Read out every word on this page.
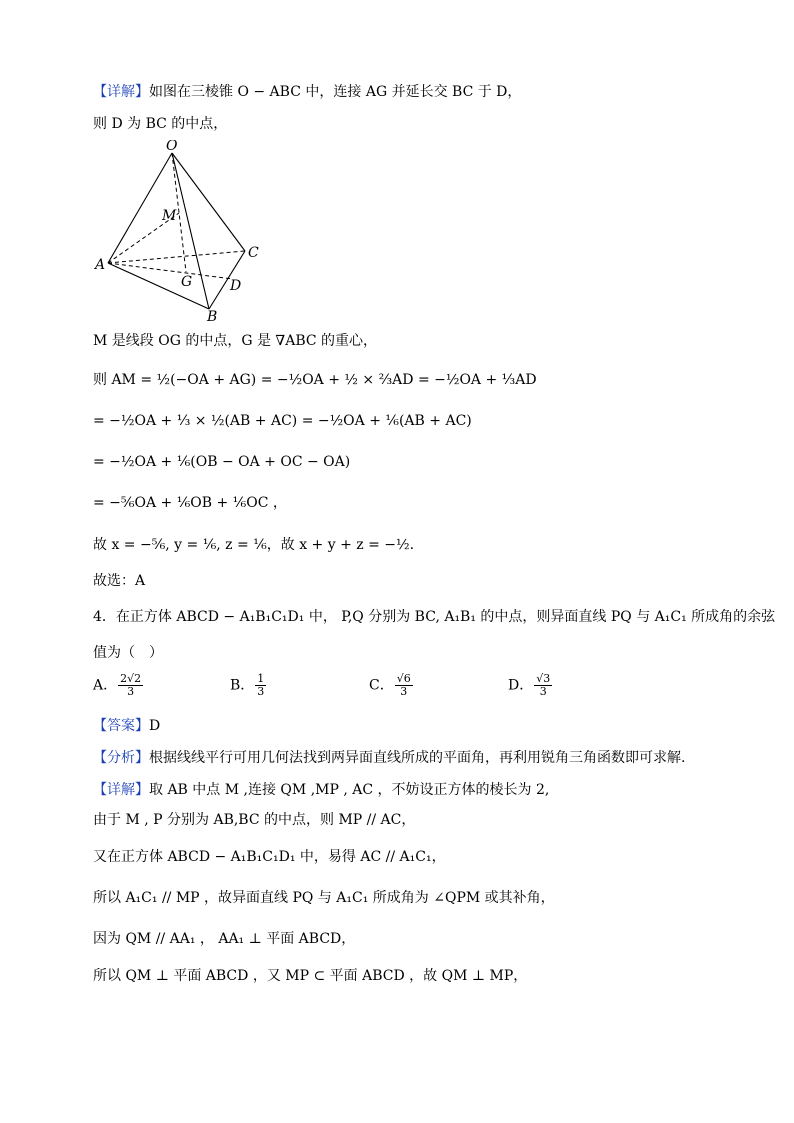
【详解】如图在三棱锥 O − ABC 中，连接 AG 并延长交 BC 于 D，
则 D 为 BC 的中点，
O
M
A
C
G	D
B
M 是线段 OG 的中点，G 是 ∇ABC 的重心，
则 AM = ½(−OA + AG) = −½OA + ½ × ⅔AD = −½OA + ⅓AD
= −½OA + ⅓ × ½(AB + AC) = −½OA + ⅙(AB + AC)
= −½OA + ⅙(OB − OA + OC − OA)
= −⅚OA + ⅙OB + ⅙OC ，
故 x = −⅚, y = ⅙, z = ⅙，故 x + y + z = −½.
故选：A
4．在正方体 ABCD − A₁B₁C₁D₁ 中， P,Q 分别为 BC, A₁B₁ 的中点，则异面直线 PQ 与 A₁C₁ 所成角的余弦
值为（　）
A． $\frac{2√2}{3}$	B． $\frac{1}{3}$	C． $\frac{√6}{3}$	D． $\frac{√3}{3}$
【答案】D
【分析】根据线线平行可用几何法找到两异面直线所成的平面角，再利用锐角三角函数即可求解.
【详解】取 AB 中点 M ,连接 QM ,MP , AC ，不妨设正方体的棱长为 2,
由于 M , P 分别为 AB,BC 的中点，则 MP // AC，
又在正方体 ABCD − A₁B₁C₁D₁ 中，易得 AC // A₁C₁，
所以 A₁C₁ // MP ，故异面直线 PQ 与 A₁C₁ 所成角为 ∠QPM 或其补角，
因为 QM // AA₁ ， AA₁ ⊥ 平面 ABCD，
所以 QM ⊥ 平面 ABCD ，又 MP ⊂ 平面 ABCD ，故 QM ⊥ MP，
